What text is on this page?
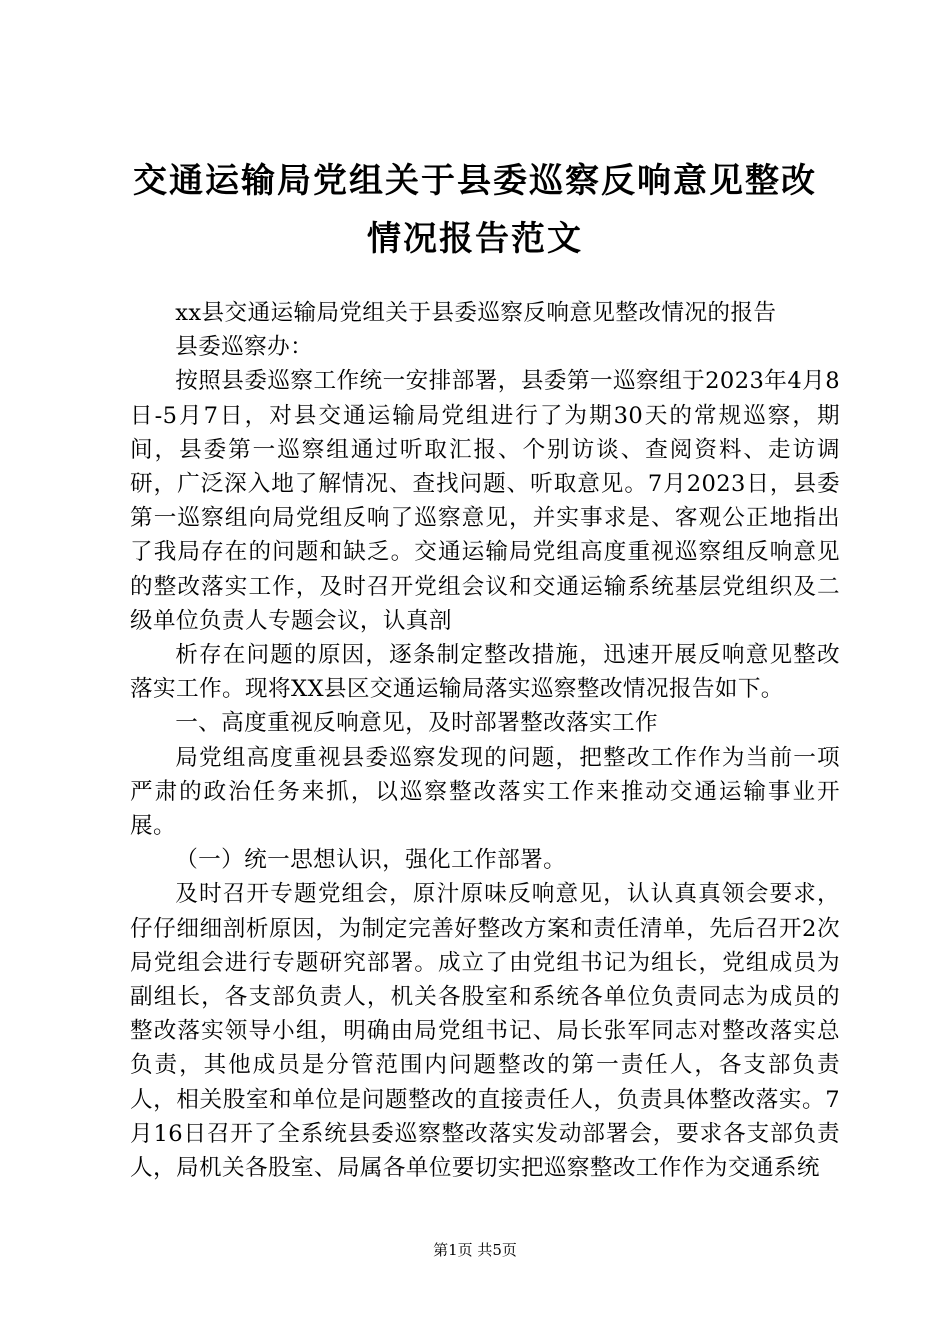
交通运输局党组关于县委巡察反响意见整改情况报告范文

xx县交通运输局党组关于县委巡察反响意见整改情况的报告

县委巡察办：

按照县委巡察工作统一安排部署，县委第一巡察组于2023年4月8日-5月7日，对县交通运输局党组进行了为期30天的常规巡察，期间，县委第一巡察组通过听取汇报、个别访谈、查阅资料、走访调研，广泛深入地了解情况、查找问题、听取意见。7月2023日，县委第一巡察组向局党组反响了巡察意见，并实事求是、客观公正地指出了我局存在的问题和缺乏。交通运输局党组高度重视巡察组反响意见的整改落实工作，及时召开党组会议和交通运输系统基层党组织及二级单位负责人专题会议，认真剖

析存在问题的原因，逐条制定整改措施，迅速开展反响意见整改落实工作。现将XX县区交通运输局落实巡察整改情况报告如下。

一、高度重视反响意见，及时部署整改落实工作

局党组高度重视县委巡察发现的问题，把整改工作作为当前一项严肃的政治任务来抓，以巡察整改落实工作来推动交通运输事业开展。

（一）统一思想认识，强化工作部署。

及时召开专题党组会，原汁原味反响意见，认认真真领会要求，仔仔细细剖析原因，为制定完善好整改方案和责任清单，先后召开2次局党组会进行专题研究部署。成立了由党组书记为组长，党组成员为副组长，各支部负责人，机关各股室和系统各单位负责同志为成员的整改落实领导小组，明确由局党组书记、局长张军同志对整改落实总负责，其他成员是分管范围内问题整改的第一责任人，各支部负责人，相关股室和单位是问题整改的直接责任人，负责具体整改落实。7月16日召开了全系统县委巡察整改落实发动部署会，要求各支部负责人，局机关各股室、局属各单位要切实把巡察整改工作作为交通系统

第1页 共5页
